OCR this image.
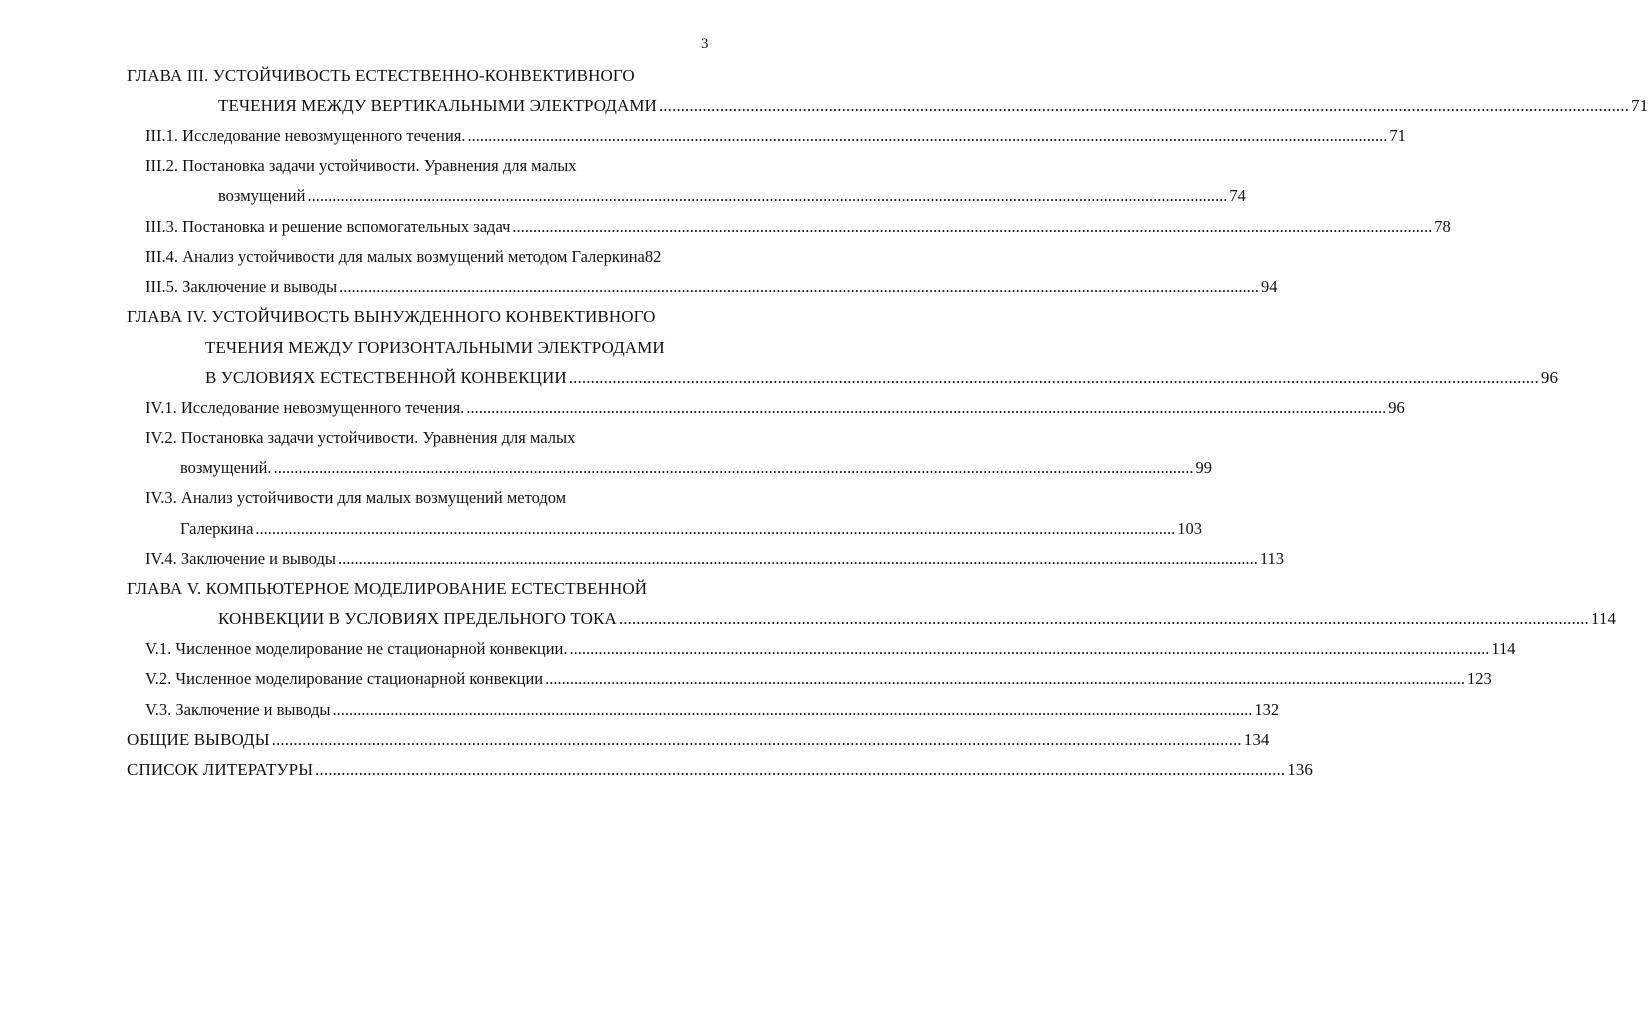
3
ГЛАВА III. УСТОЙЧИВОСТЬ ЕСТЕСТВЕННО-КОНВЕКТИВНОГО
ТЕЧЕНИЯ МЕЖДУ ВЕРТИКАЛЬНЫМИ ЭЛЕКТРОДАМИ ............................................................................................................................................................................................................................... 71
III.1. Исследование невозмущенного течения. ............................................................................................................................................................................................................................... 71
III.2. Постановка задачи устойчивости. Уравнения для малых
возмущений ............................................................................................................................................................................................................................... 74
III.3. Постановка и решение вспомогательных задач ............................................................................................................................................................................................................................... 78
III.4. Анализ устойчивости для малых возмущений методом Галеркина82
III.5. Заключение и выводы ............................................................................................................................................................................................................................... 94
ГЛАВА IV. УСТОЙЧИВОСТЬ ВЫНУЖДЕННОГО КОНВЕКТИВНОГО
ТЕЧЕНИЯ МЕЖДУ ГОРИЗОНТАЛЬНЫМИ ЭЛЕКТРОДАМИ
В УСЛОВИЯХ ЕСТЕСТВЕННОЙ КОНВЕКЦИИ ............................................................................................................................................................................................................................... 96
IV.1. Исследование невозмущенного течения. ............................................................................................................................................................................................................................... 96
IV.2. Постановка задачи устойчивости. Уравнения для малых
возмущений. ............................................................................................................................................................................................................................... 99
IV.3. Анализ устойчивости для малых возмущений методом
Галеркина ............................................................................................................................................................................................................................... 103
IV.4. Заключение и выводы ............................................................................................................................................................................................................................... 113
ГЛАВА V. КОМПЬЮТЕРНОЕ МОДЕЛИРОВАНИЕ ЕСТЕСТВЕННОЙ
КОНВЕКЦИИ В УСЛОВИЯХ ПРЕДЕЛЬНОГО ТОКА ............................................................................................................................................................................................................................... 114
V.1. Численное моделирование не стационарной конвекции. ............................................................................................................................................................................................................................... 114
V.2. Численное моделирование стационарной конвекции ............................................................................................................................................................................................................................... 123
V.3. Заключение и выводы ............................................................................................................................................................................................................................... 132
ОБЩИЕ ВЫВОДЫ ............................................................................................................................................................................................................................... 134
СПИСОК ЛИТЕРАТУРЫ ............................................................................................................................................................................................................................... 136
